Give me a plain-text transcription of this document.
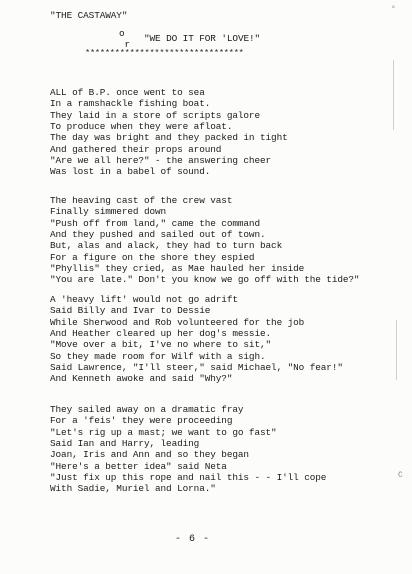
"THE CASTAWAY"
o
r
"WE DO IT FOR 'LOVE!"
********************************
ALL of B.P. once went to sea
In a ramshackle fishing boat.
They laid in a store of scripts galore
To produce when they were afloat.
The day was bright and they packed in tight
And gathered their props around
"Are we all here?" - the answering cheer
Was lost in a babel of sound.
The heaving cast of the crew vast
Finally simmered down
"Push off from land," came the command
And they pushed and sailed out of town.
But, alas and alack, they had to turn back
For a figure on the shore they espied
"Phyllis" they cried, as Mae hauled her inside
"You are late." Don't you know we go off with the tide?"
A 'heavy lift' would not go adrift
Said Billy and Ivar to Dessie
While Sherwood and Rob volunteered for the job
And Heather cleared up her dog's messie.
"Move over a bit, I've no where to sit,"
So they made room for Wilf with a sigh.
Said Lawrence, "I'll steer," said Michael, "No fear!"
And Kenneth awoke and said "Why?"
They sailed away on a dramatic fray
For a 'feis' they were proceeding
"Let's rig up a mast; we want to go fast"
Said Ian and Harry, leading
Joan, Iris and Ann and so they began
"Here's a better idea" said Neta
"Just fix up this rope and nail this - - I'll cope
With Sadie, Muriel and Lorna."
- 6 -
°
C
